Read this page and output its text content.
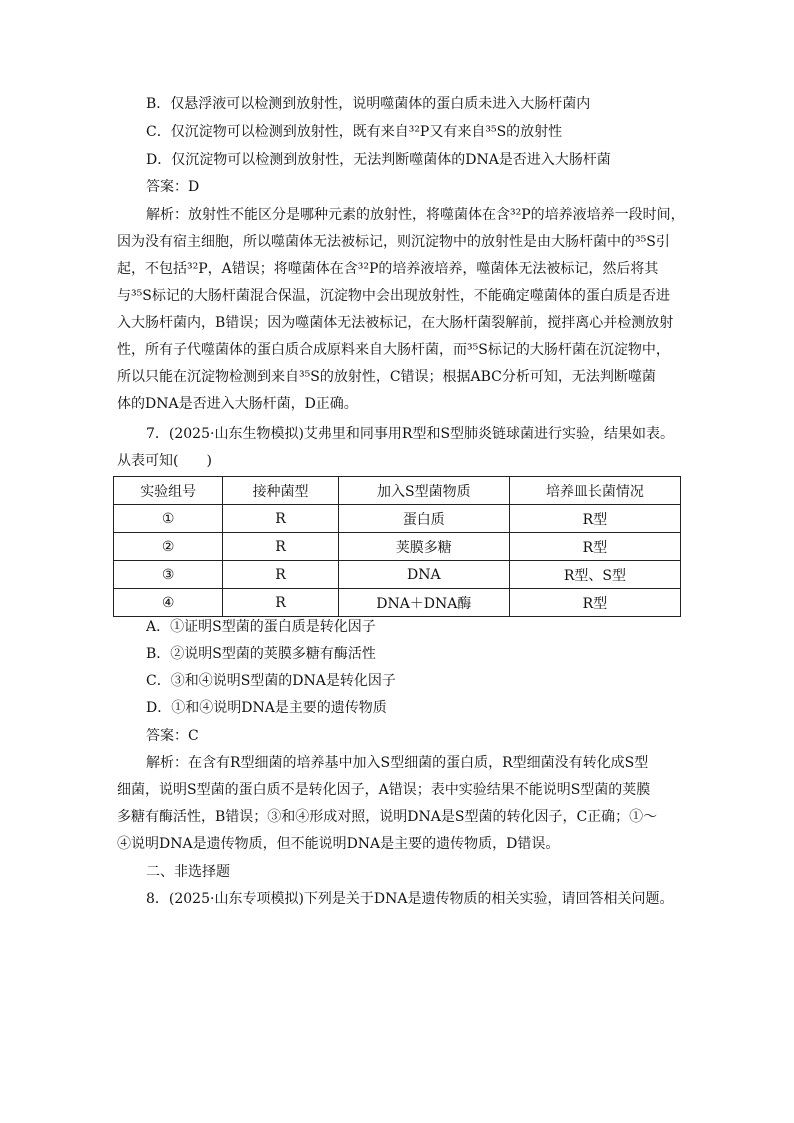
B．仅悬浮液可以检测到放射性，说明噬菌体的蛋白质未进入大肠杆菌内
C．仅沉淀物可以检测到放射性，既有来自³²P又有来自³⁵S的放射性
D．仅沉淀物可以检测到放射性，无法判断噬菌体的DNA是否进入大肠杆菌
答案：D
解析：放射性不能区分是哪种元素的放射性，将噬菌体在含³²P的培养液培养一段时间，
因为没有宿主细胞，所以噬菌体无法被标记，则沉淀物中的放射性是由大肠杆菌中的³⁵S引
起，不包括³²P，A错误；将噬菌体在含³²P的培养液培养，噬菌体无法被标记，然后将其
与³⁵S标记的大肠杆菌混合保温，沉淀物中会出现放射性，不能确定噬菌体的蛋白质是否进
入大肠杆菌内，B错误；因为噬菌体无法被标记，在大肠杆菌裂解前，搅拌离心并检测放射
性，所有子代噬菌体的蛋白质合成原料来自大肠杆菌，而³⁵S标记的大肠杆菌在沉淀物中，
所以只能在沉淀物检测到来自³⁵S的放射性，C错误；根据ABC分析可知，无法判断噬菌
体的DNA是否进入大肠杆菌，D正确。
7．(2025·山东生物模拟)艾弗里和同事用R型和S型肺炎链球菌进行实验，结果如表。
从表可知(　　)
实验组号	接种菌型	加入S型菌物质	培养皿长菌情况
①	R	蛋白质	R型
②	R	荚膜多糖	R型
③	R	DNA	R型、S型
④	R	DNA＋DNA酶	R型
A．①证明S型菌的蛋白质是转化因子
B．②说明S型菌的荚膜多糖有酶活性
C．③和④说明S型菌的DNA是转化因子
D．①和④说明DNA是主要的遗传物质
答案：C
解析：在含有R型细菌的培养基中加入S型细菌的蛋白质，R型细菌没有转化成S型
细菌，说明S型菌的蛋白质不是转化因子，A错误；表中实验结果不能说明S型菌的荚膜
多糖有酶活性，B错误；③和④形成对照，说明DNA是S型菌的转化因子，C正确；①～
④说明DNA是遗传物质，但不能说明DNA是主要的遗传物质，D错误。
二、非选择题
8．(2025·山东专项模拟)下列是关于DNA是遗传物质的相关实验，请回答相关问题。
